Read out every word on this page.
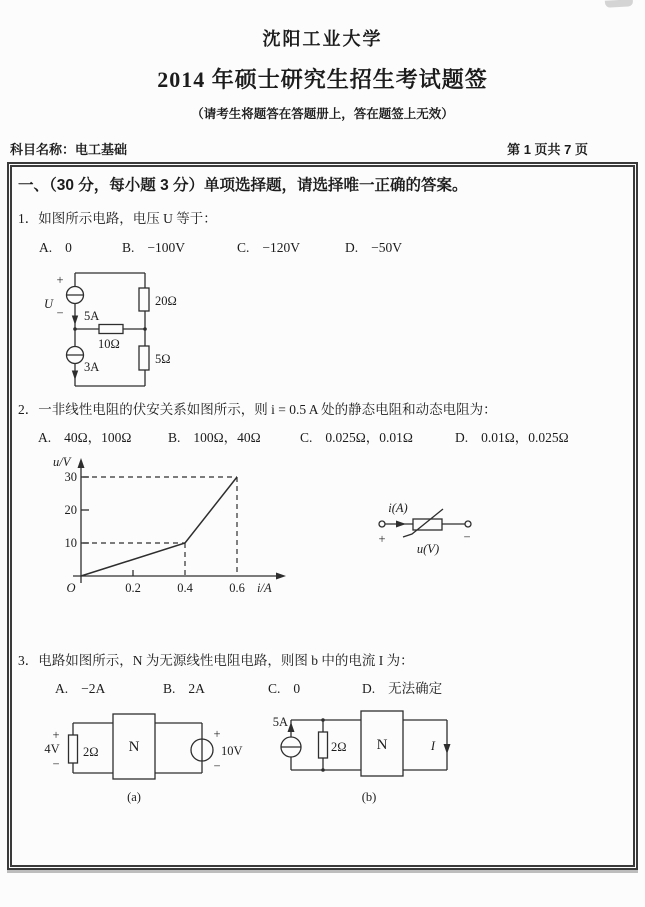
沈阳工业大学
2014 年硕士研究生招生考试题签
（请考生将题答在答题册上，答在题签上无效）
科目名称：电工基础	第 1 页共 7 页
一、（30 分，每小题 3 分）单项选择题，请选择唯一正确的答案。
1．如图所示电路，电压 U 等于：
A. 0	B. −100V	C. −120V	D. −50V
+
U
− 5A
3A
20Ω
10Ω
5Ω
2．一非线性电阻的伏安关系如图所示，则 i = 0.5 A 处的静态电阻和动态电阻为：
A. 40Ω，100Ω	B. 100Ω，40Ω	C. 0.025Ω，0.01Ω	D. 0.01Ω，0.025Ω
u/V
30
20
10
O	0.2	0.4	0.6 i/A
i(A)
+	−
u(V)
3．电路如图所示，N 为无源线性电阻电路，则图 b 中的电流 I 为：
A. −2A	B. 2A	C. 0	D. 无法确定
+
4V
−
2Ω N
+
10V
−
(a)
5A
2Ω N	I
(b)
